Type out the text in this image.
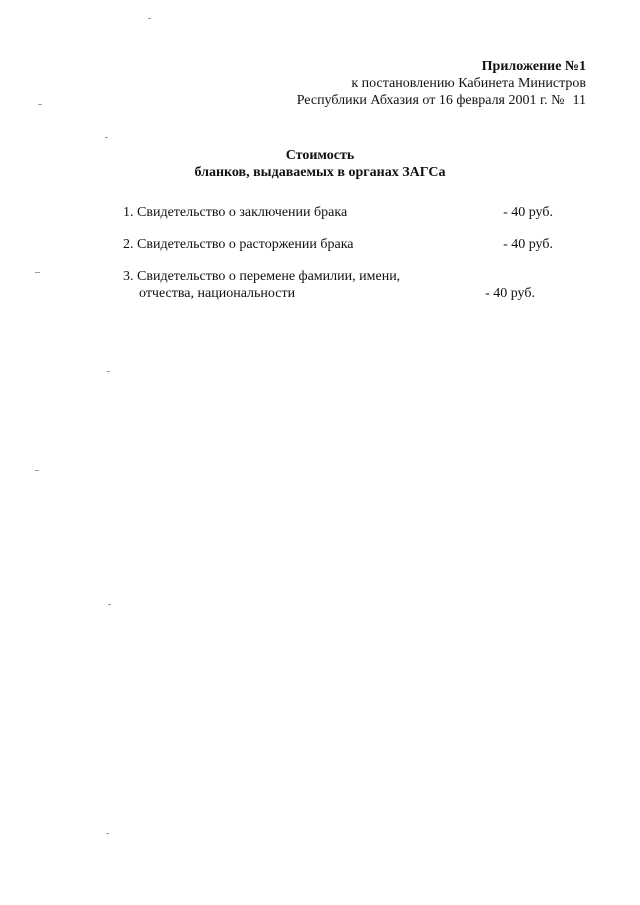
Приложение №1
к постановлению Кабинета Министров
Республики Абхазия от 16 февраля 2001 г. № 11
Стоимость
бланков, выдаваемых в органах ЗАГСа
1. Свидетельство о заключении брака	- 40 руб.
2. Свидетельство о расторжении брака	- 40 руб.
3. Свидетельство о перемене фамилии, имени,
отчества, национальности	- 40 руб.
